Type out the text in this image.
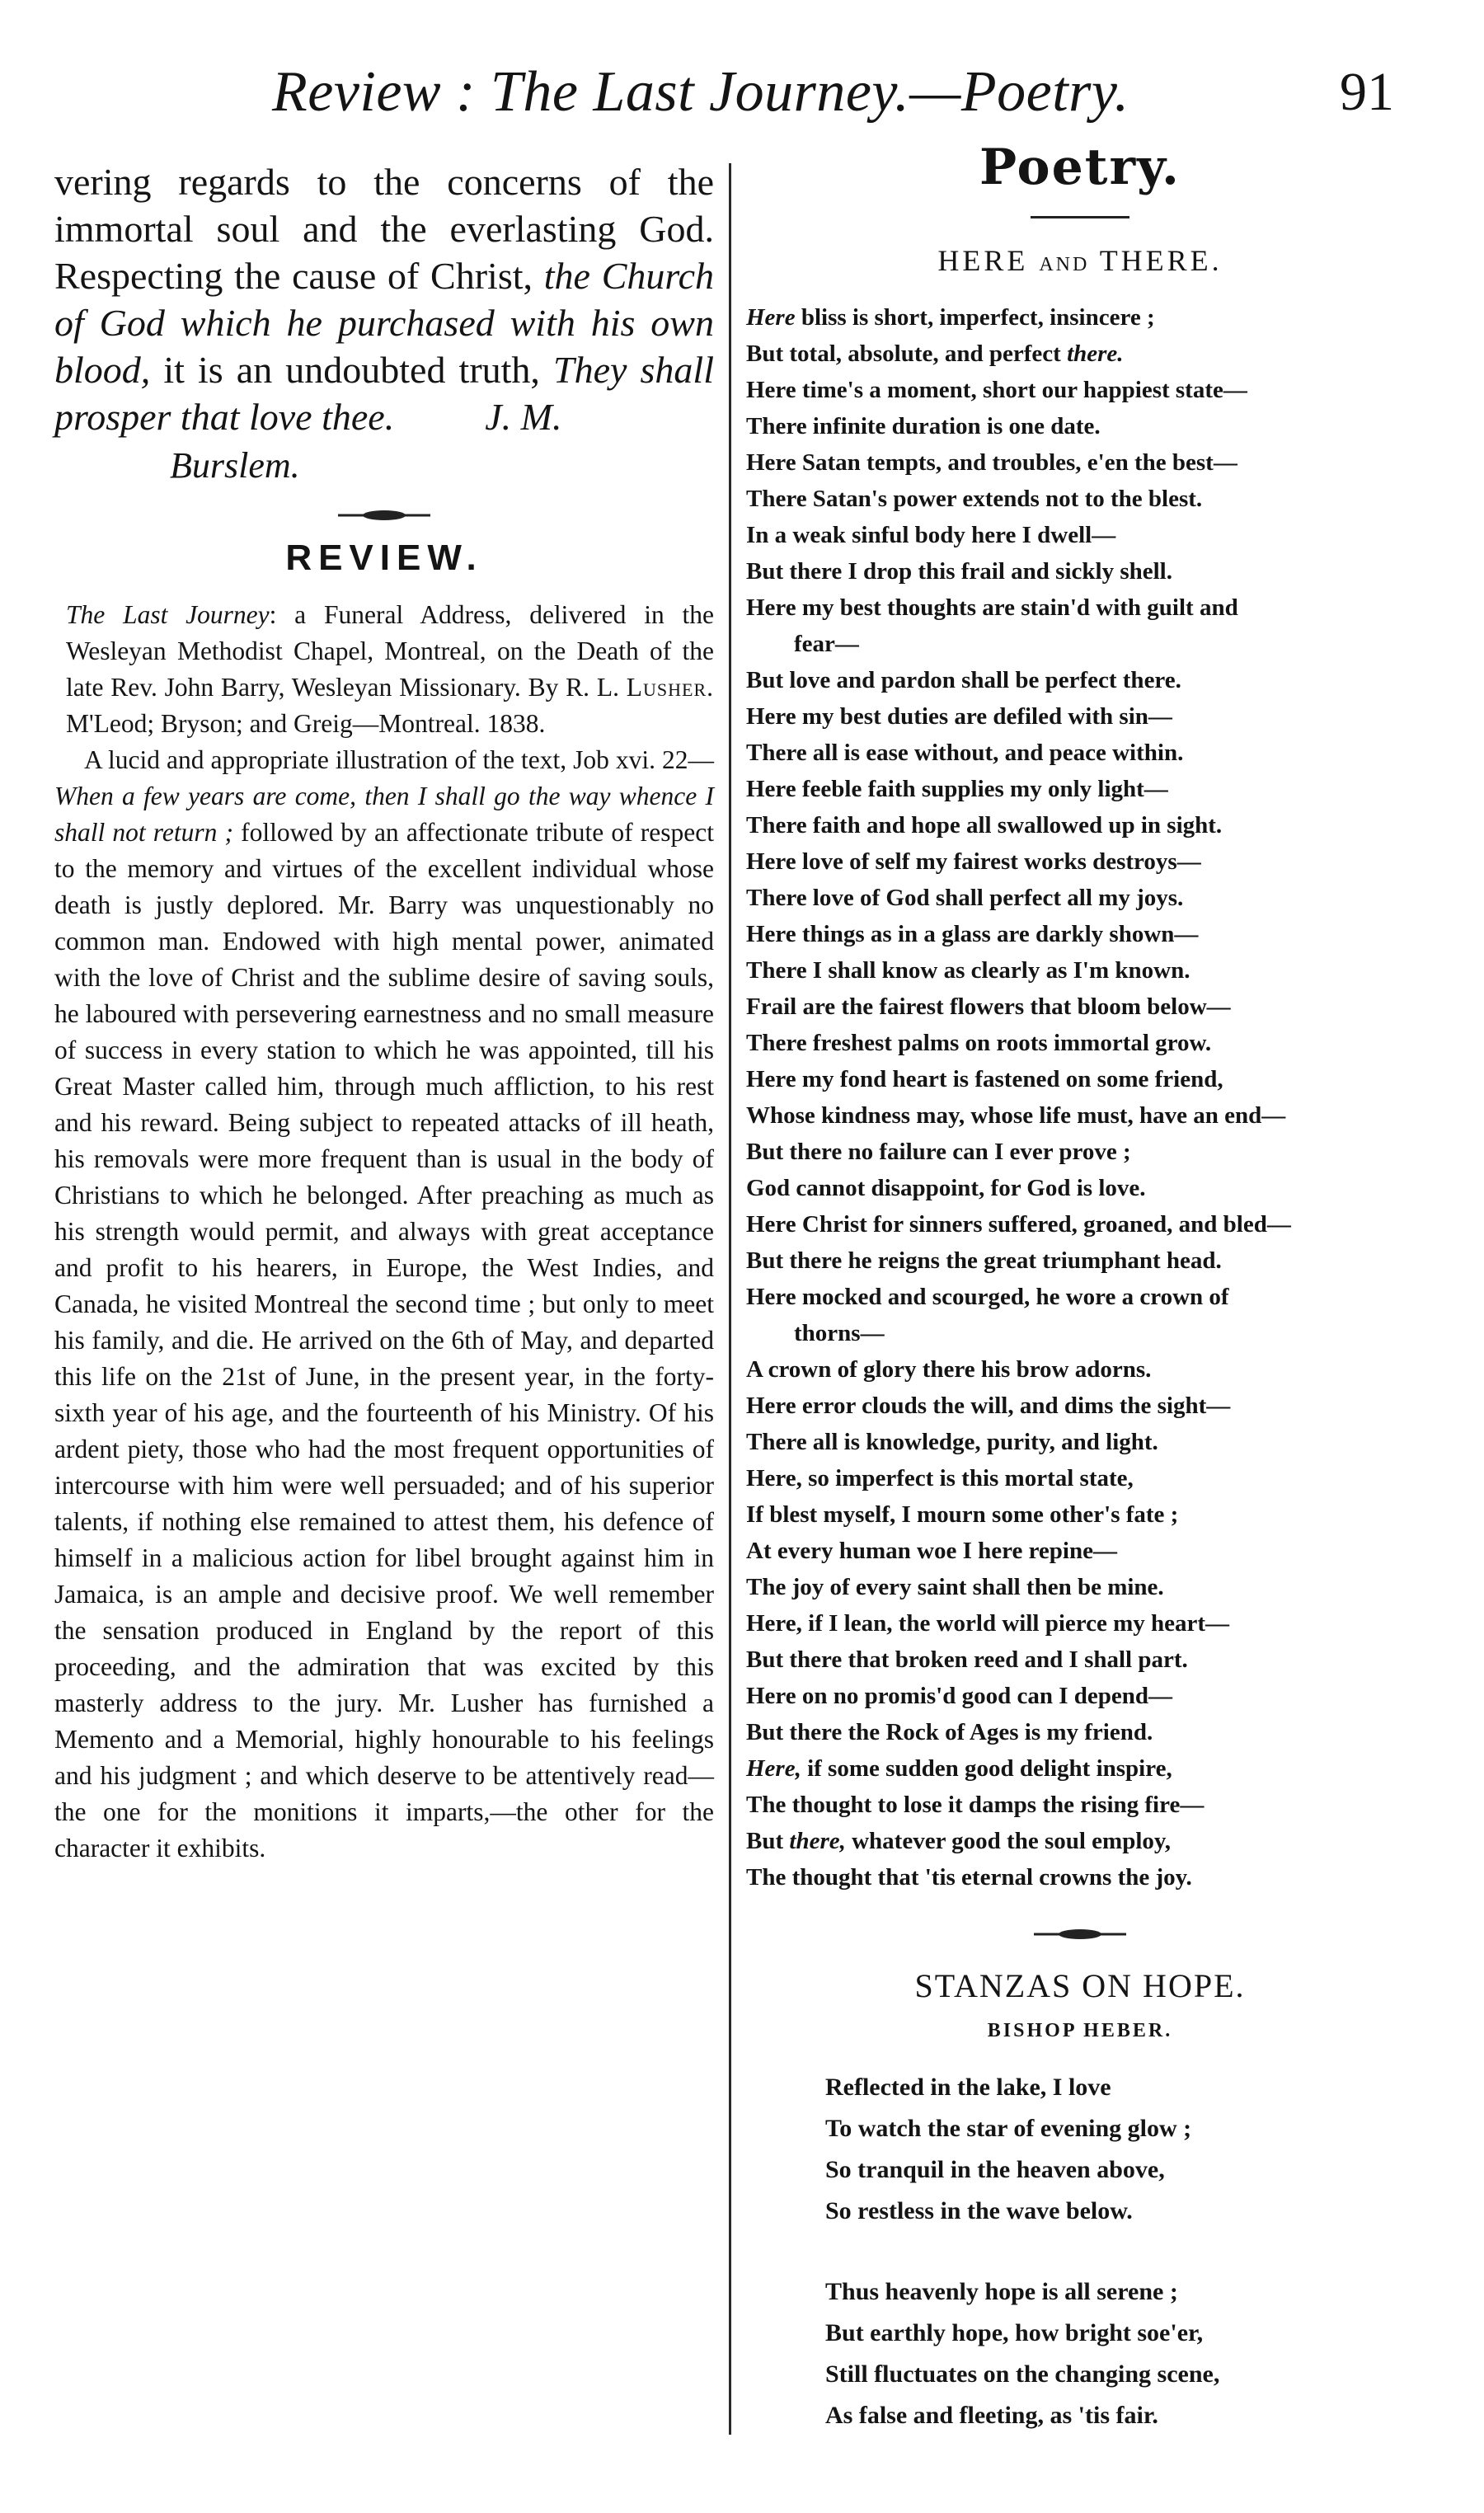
Review : The Last Journey.—Poetry.	91

vering regards to the concerns of the immortal soul and the everlasting God. Respecting the cause of Christ, the Church of God which he purchased with his own blood, it is an undoubted truth, They shall prosper that love thee. J. M.

Burslem.
REVIEW.

The Last Journey: a Funeral Address, delivered in the Wesleyan Methodist Chapel, Montreal, on the Death of the late Rev. John Barry, Wesleyan Missionary. By R. L. Lusher. M'Leod; Bryson; and Greig—Montreal. 1838.

A lucid and appropriate illustration of the text, Job xvi. 22—When a few years are come, then I shall go the way whence I shall not return ; followed by an affectionate tribute of respect to the memory and virtues of the excellent individual whose death is justly deplored. Mr. Barry was unquestionably no common man. Endowed with high mental power, animated with the love of Christ and the sublime desire of saving souls, he laboured with persevering earnestness and no small measure of success in every station to which he was appointed, till his Great Master called him, through much affliction, to his rest and his reward. Being subject to repeated attacks of ill heath, his removals were more frequent than is usual in the body of Christians to which he belonged. After preaching as much as his strength would permit, and always with great acceptance and profit to his hearers, in Europe, the West Indies, and Canada, he visited Montreal the second time ; but only to meet his family, and die. He arrived on the 6th of May, and departed this life on the 21st of June, in the present year, in the forty-sixth year of his age, and the fourteenth of his Ministry. Of his ardent piety, those who had the most frequent opportunities of intercourse with him were well persuaded; and of his superior talents, if nothing else remained to attest them, his defence of himself in a malicious action for libel brought against him in Jamaica, is an ample and decisive proof. We well remember the sensation produced in England by the report of this proceeding, and the admiration that was excited by this masterly address to the jury. Mr. Lusher has furnished a Memento and a Memorial, highly honourable to his feelings and his judgment ; and which deserve to be attentively read—the one for the monitions it imparts,—the other for the character it exhibits.

Poetry.
HERE AND THERE.
Here bliss is short, imperfect, insincere ;
But total, absolute, and perfect there.
Here time's a moment, short our happiest state—
There infinite duration is one date.
Here Satan tempts, and troubles, e'en the best—
There Satan's power extends not to the blest.
In a weak sinful body here I dwell—
But there I drop this frail and sickly shell.
Here my best thoughts are stain'd with guilt and
fear—
But love and pardon shall be perfect there.
Here my best duties are defiled with sin—
There all is ease without, and peace within.
Here feeble faith supplies my only light—
There faith and hope all swallowed up in sight.
Here love of self my fairest works destroys—
There love of God shall perfect all my joys.
Here things as in a glass are darkly shown—
There I shall know as clearly as I'm known.
Frail are the fairest flowers that bloom below—
There freshest palms on roots immortal grow.
Here my fond heart is fastened on some friend,
Whose kindness may, whose life must, have an end—
But there no failure can I ever prove ;
God cannot disappoint, for God is love.
Here Christ for sinners suffered, groaned, and bled—
But there he reigns the great triumphant head.
Here mocked and scourged, he wore a crown of
thorns—
A crown of glory there his brow adorns.
Here error clouds the will, and dims the sight—
There all is knowledge, purity, and light.
Here, so imperfect is this mortal state,
If blest myself, I mourn some other's fate ;
At every human woe I here repine—
The joy of every saint shall then be mine.
Here, if I lean, the world will pierce my heart—
But there that broken reed and I shall part.
Here on no promis'd good can I depend—
But there the Rock of Ages is my friend.
Here, if some sudden good delight inspire,
The thought to lose it damps the rising fire—
But there, whatever good the soul employ,
The thought that 'tis eternal crowns the joy.
STANZAS ON HOPE.
BISHOP HEBER.
Reflected in the lake, I love
To watch the star of evening glow ;
So tranquil in the heaven above,
So restless in the wave below.
Thus heavenly hope is all serene ;
But earthly hope, how bright soe'er,
Still fluctuates on the changing scene,
As false and fleeting, as 'tis fair.
